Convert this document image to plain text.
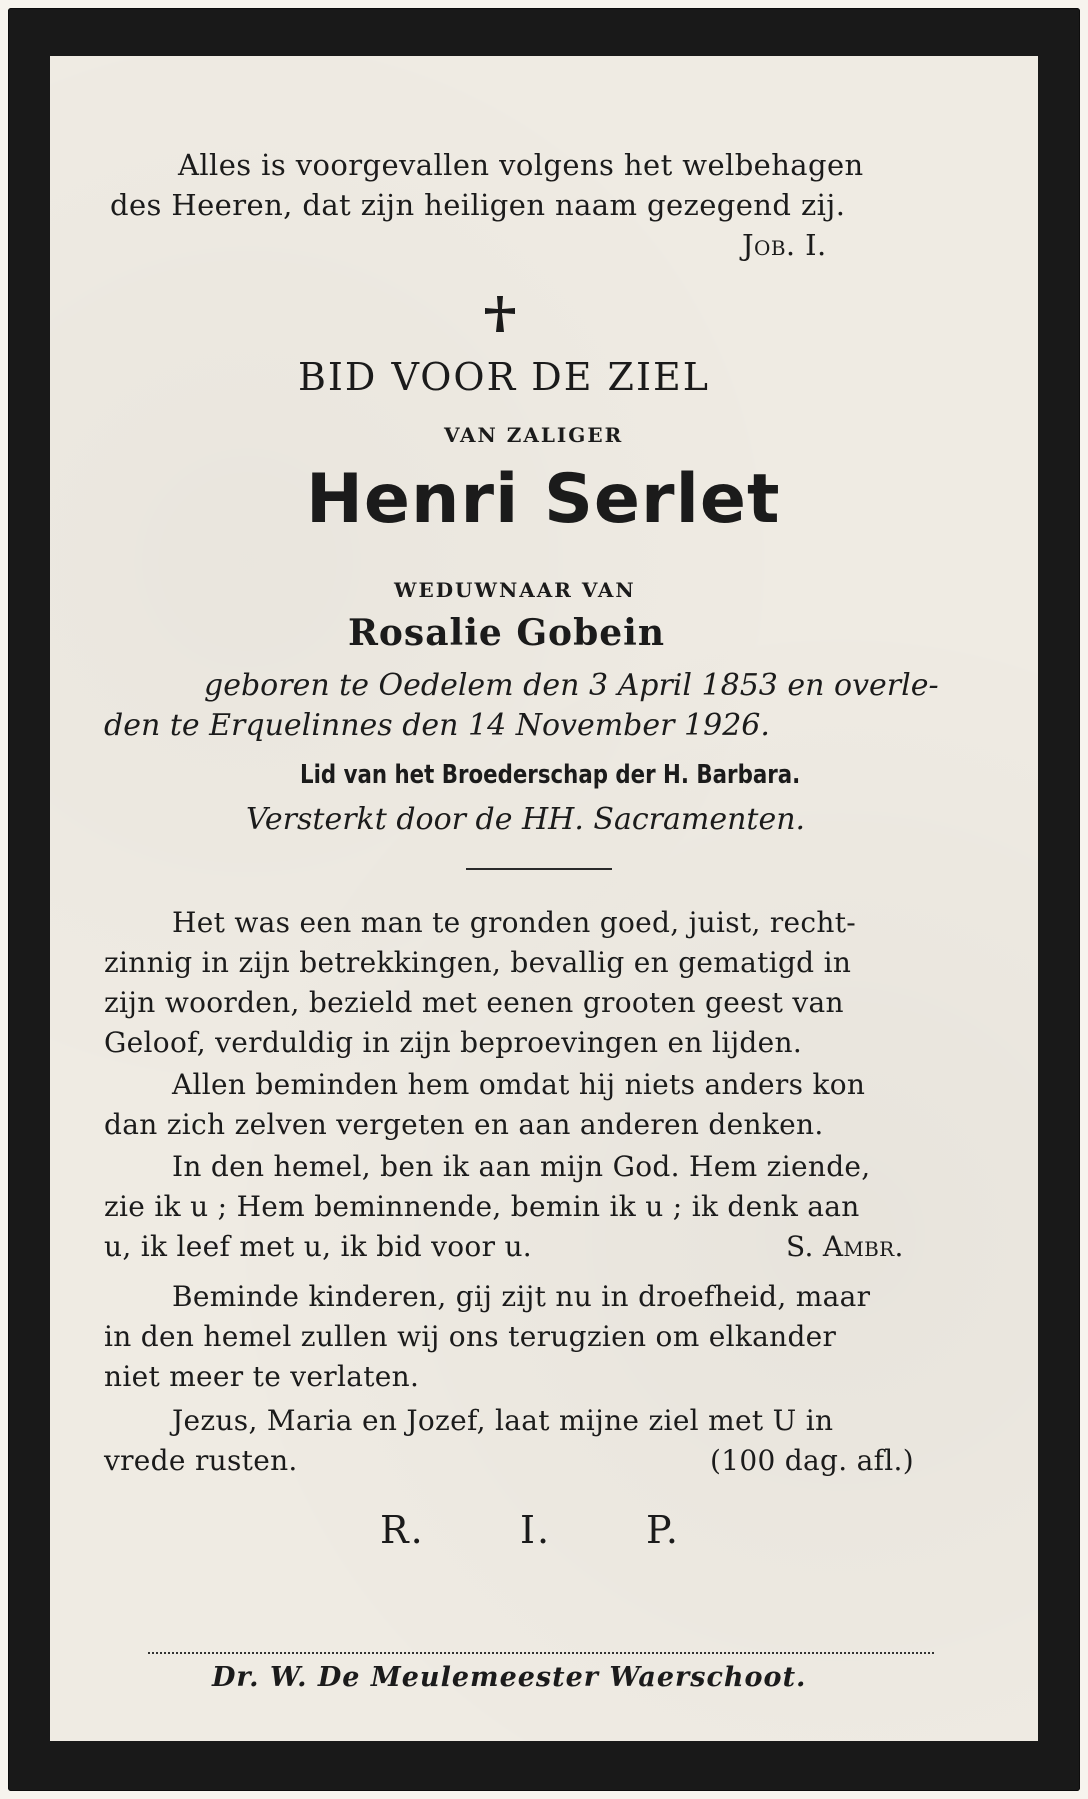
Alles is voorgevallen volgens het welbehagen
des Heeren, dat zijn heiligen naam gezegend zij.
Job. I.
BID VOOR DE ZIEL
VAN ZALIGER
Henri Serlet
WEDUWNAAR VAN
Rosalie Gobein
geboren te Oedelem den 3 April 1853 en overle-
den te Erquelinnes den 14 November 1926.
Lid van het Broederschap der H. Barbara.
Versterkt door de HH. Sacramenten.
Het was een man te gronden goed, juist, recht-
zinnig in zijn betrekkingen, bevallig en gematigd in
zijn woorden, bezield met eenen grooten geest van
Geloof, verduldig in zijn beproevingen en lijden.
Allen beminden hem omdat hij niets anders kon
dan zich zelven vergeten en aan anderen denken.
In den hemel, ben ik aan mijn God. Hem ziende,
zie ik u ; Hem beminnende, bemin ik u ; ik denk aan
u, ik leef met u, ik bid voor u.	S. Ambr.
Beminde kinderen, gij zijt nu in droefheid, maar
in den hemel zullen wij ons terugzien om elkander
niet meer te verlaten.
Jezus, Maria en Jozef, laat mijne ziel met U in
vrede rusten.	(100 dag. afl.)
R.	I. P.
Dr. W. De Meulemeester Waerschoot.
